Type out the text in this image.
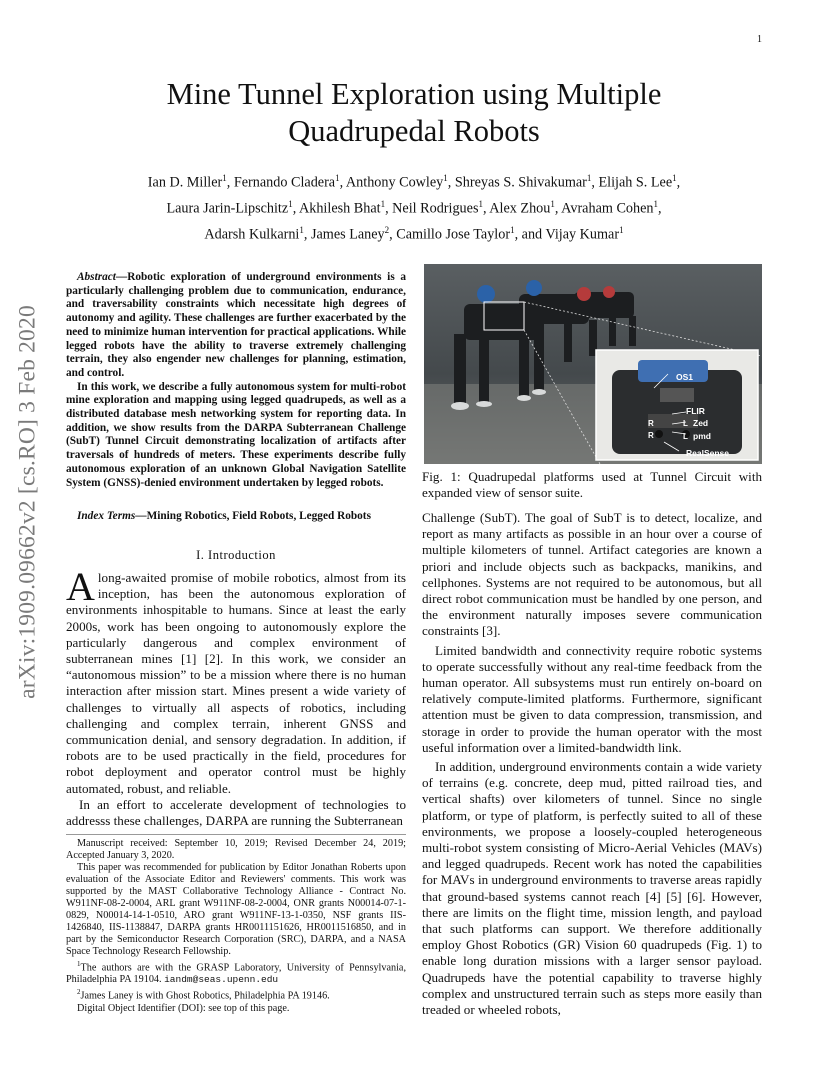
1
arXiv:1909.09662v2 [cs.RO] 3 Feb 2020
Mine Tunnel Exploration using Multiple
Quadrupedal Robots
Ian D. Miller$^1$, Fernando Cladera$^1$, Anthony Cowley$^1$, Shreyas S. Shivakumar$^1$, Elijah S. Lee$^1$,
Laura Jarin-Lipschitz$^1$, Akhilesh Bhat$^1$, Neil Rodrigues$^1$, Alex Zhou$^1$, Avraham Cohen$^1$,
Adarsh Kulkarni$^1$, James Laney$^2$, Camillo Jose Taylor$^1$, and Vijay Kumar$^1$

Abstract—Robotic exploration of underground environments is a particularly challenging problem due to communication, endurance, and traversability constraints which necessitate high degrees of autonomy and agility. These challenges are further exacerbated by the need to minimize human intervention for practical applications. While legged robots have the ability to traverse extremely challenging terrain, they also engender new challenges for planning, estimation, and control.

In this work, we describe a fully autonomous system for multi-robot mine exploration and mapping using legged quadrupeds, as well as a distributed database mesh networking system for reporting data. In addition, we show results from the DARPA Subterranean Challenge (SubT) Tunnel Circuit demonstrating localization of artifacts after traversals of hundreds of meters. These experiments describe fully autonomous exploration of an unknown Global Navigation Satellite System (GNSS)-denied environment undertaken by legged robots.

Index Terms—Mining Robotics, Field Robots, Legged Robots
I. Introduction

Along-awaited promise of mobile robotics, almost from its inception, has been the autonomous exploration of environments inhospitable to humans. Since at least the early 2000s, work has been ongoing to autonomously explore the particularly dangerous and complex environment of subterranean mines [1] [2]. In this work, we consider an “autonomous mission” to be a mission where there is no human interaction after mission start. Mines present a wide variety of challenges to virtually all aspects of robotics, including challenging and complex terrain, inherent GNSS and communication denial, and sensory degradation. In addition, if robots are to be used practically in the field, procedures for robot deployment and operator control must be highly automated, robust, and reliable.

In an effort to accelerate development of technologies to addresss these challenges, DARPA are running the Subterranean

Manuscript received: September 10, 2019; Revised December 24, 2019; Accepted January 3, 2020.

This paper was recommended for publication by Editor Jonathan Roberts upon evaluation of the Associate Editor and Reviewers' comments. This work was supported by the MAST Collaborative Technology Alliance - Contract No. W911NF-08-2-0004, ARL grant W911NF-08-2-0004, ONR grants N00014-07-1-0829, N00014-14-1-0510, ARO grant W911NF-13-1-0350, NSF grants IIS-1426840, IIS-1138847, DARPA grants HR0011151626, HR0011516850, and in part by the Semiconductor Research Corporation (SRC), DARPA, and a NASA Space Technology Research Fellowship.

$^1$The authors are with the GRASP Laboratory, University of Pennsylvania, Philadelphia PA 19104. iandm@seas.upenn.edu

$^2$James Laney is with Ghost Robotics, Philadelphia PA 19146.

Digital Object Identifier (DOI): see top of this page.

OS1
FLIR
Zed
pmd
RealSense
R
R
L
L
Fig. 1: Quadrupedal platforms used at Tunnel Circuit with expanded view of sensor suite.

Challenge (SubT). The goal of SubT is to detect, localize, and report as many artifacts as possible in an hour over a course of multiple kilometers of tunnel. Artifact categories are known a priori and include objects such as backpacks, manikins, and cellphones. Systems are not required to be autonomous, but all direct robot communication must be handled by one person, and the environment naturally imposes severe communication constraints [3].

Limited bandwidth and connectivity require robotic systems to operate successfully without any real-time feedback from the human operator. All subsystems must run entirely on-board on relatively compute-limited platforms. Furthermore, significant attention must be given to data compression, transmission, and storage in order to provide the human operator with the most useful information over a limited-bandwidth link.

In addition, underground environments contain a wide variety of terrains (e.g. concrete, deep mud, pitted railroad ties, and vertical shafts) over kilometers of tunnel. Since no single platform, or type of platform, is perfectly suited to all of these environments, we propose a loosely-coupled heterogeneous multi-robot system consisting of Micro-Aerial Vehicles (MAVs) and legged quadrupeds. Recent work has noted the capabilities for MAVs in underground environments to traverse areas rapidly that ground-based systems cannot reach [4] [5] [6]. However, there are limits on the flight time, mission length, and payload that such platforms can support. We therefore additionally employ Ghost Robotics (GR) Vision 60 quadrupeds (Fig. 1) to enable long duration missions with a larger sensor payload. Quadrupeds have the potential capability to traverse highly complex and unstructured terrain such as steps more easily than treaded or wheeled robots,
